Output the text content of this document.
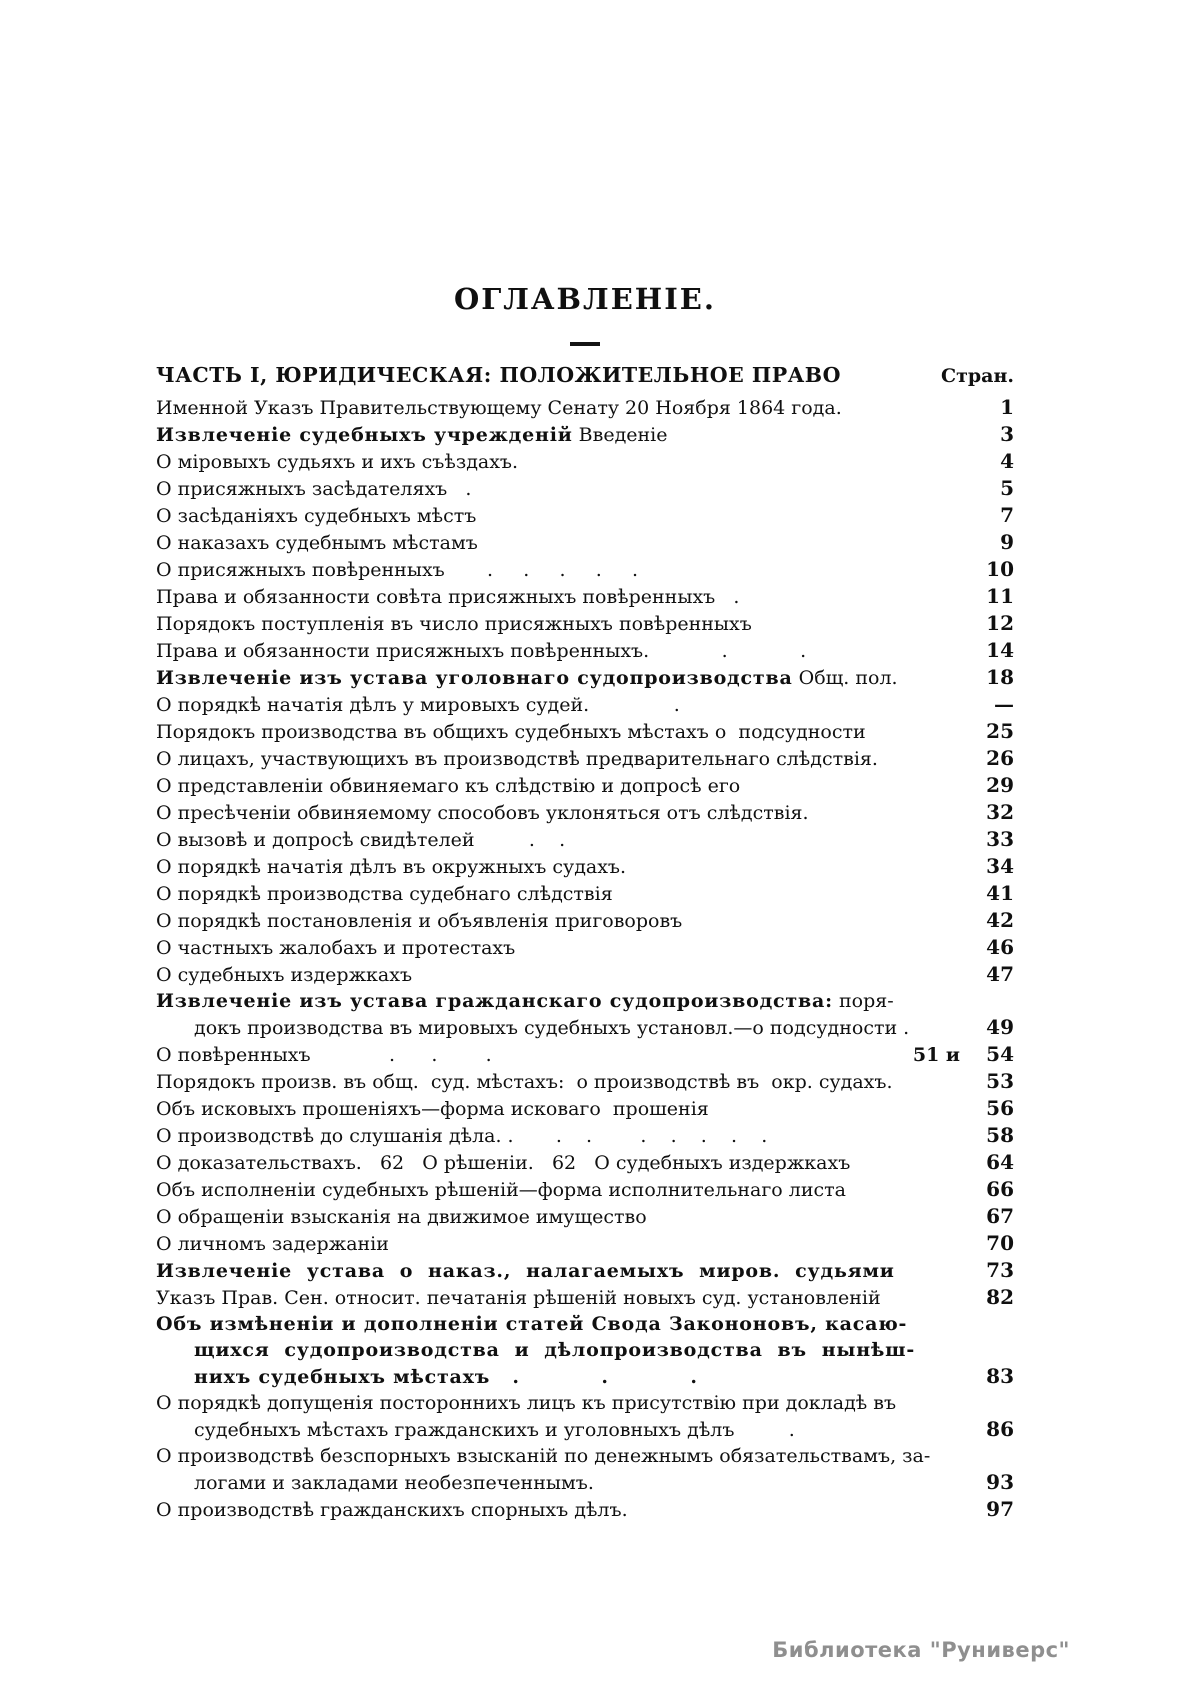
ОГЛАВЛЕНІЕ.
ЧАСТЬ I, ЮРИДИЧЕСКАЯ: ПОЛОЖИТЕЛЬНОЕ ПРАВО	Стран.
Именной Указъ Правительствующему Сенату 20 Ноября 1864 года.	1
Извлеченіе судебныхъ учрежденій Введеніе	3
О міровыхъ судьяхъ и ихъ съѣздахъ.	4
О присяжныхъ засѣдателяхъ   .	5
О засѣданіяхъ судебныхъ мѣстъ	7
О наказахъ судебнымъ мѣстамъ	9
О присяжныхъ повѣренныхъ       .     .     .     .     .	10
Права и обязанности совѣта присяжныхъ повѣренныхъ   .	11
Порядокъ поступленія въ число присяжныхъ повѣренныхъ	12
Права и обязанности присяжныхъ повѣренныхъ.            .            .	14
Извлеченіе изъ устава уголовнаго судопроизводства Общ. пол.	18
О порядкѣ начатія дѣлъ у мировыхъ судей.              .	—
Порядокъ производства въ общихъ судебныхъ мѣстахъ о  подсудности	25
О лицахъ, участвующихъ въ производствѣ предварительнаго слѣдствія.	26
О представленіи обвиняемаго къ слѣдствію и допросѣ его	29
О пресѣченіи обвиняемому способовъ уклоняться отъ слѣдствія.	32
О вызовѣ и допросѣ свидѣтелей         .    .	33
О порядкѣ начатія дѣлъ въ окружныхъ судахъ.	34
О порядкѣ производства судебнаго слѣдствія	41
О порядкѣ постановленія и объявленія приговоровъ	42
О частныхъ жалобахъ и протестахъ	46
О судебныхъ издержкахъ	47
Извлеченіе изъ устава гражданскаго судопроизводства: поря-
докъ производства въ мировыхъ судебныхъ установл.—о подсудности .	49
О повѣренныхъ             .      .        .	51 и	54
Порядокъ произв. въ общ.  суд. мѣстахъ:  о производствѣ въ  окр. судахъ.	53
Объ исковыхъ прошеніяхъ—форма исковаго  прошенія	56
О производствѣ до слушанія дѣла. .       .    .        .    .    .    .    .	58
О доказательствахъ.   62   О рѣшеніи.   62   О судебныхъ издержкахъ	64
Объ исполненіи судебныхъ рѣшеній—форма исполнительнаго листа	66
О обращеніи взысканія на движимое имущество	67
О личномъ задержаніи	70
Извлеченіе  устава  о  наказ.,  налагаемыхъ  миров.  судьями	73
Указъ Прав. Сен. относит. печатанія рѣшеній новыхъ суд. установленій	82
Объ измѣненіи и дополненіи статей Свода Закононовъ, касаю-
щихся  судопроизводства  и  дѣлопроизводства  въ  нынѣш-
нихъ судебныхъ мѣстахъ   .           .           .	83
О порядкѣ допущенія постороннихъ лицъ къ присутствію при докладѣ въ
судебныхъ мѣстахъ гражданскихъ и уголовныхъ дѣлъ         .	86
О производствѣ безспорныхъ взысканій по денежнымъ обязательствамъ, за-
логами и закладами необезпеченнымъ.	93
О производствѣ гражданскихъ спорныхъ дѣлъ.	97
Библиотека "Руниверс"
